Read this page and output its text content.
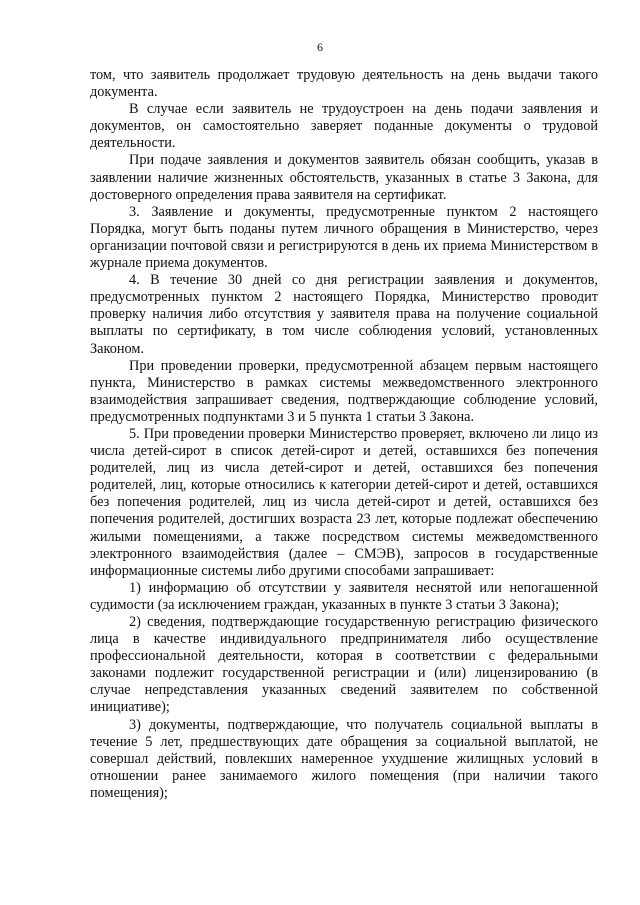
6

том, что заявитель продолжает трудовую деятельность на день выдачи такого документа.

В случае если заявитель не трудоустроен на день подачи заявления и документов, он самостоятельно заверяет поданные документы о трудовой деятельности.

При подаче заявления и документов заявитель обязан сообщить, указав в заявлении наличие жизненных обстоятельств, указанных в статье 3 Закона, для достоверного определения права заявителя на сертификат.

3. Заявление и документы, предусмотренные пунктом 2 настоящего Порядка, могут быть поданы путем личного обращения в Министерство, через организации почтовой связи и регистрируются в день их приема Министерством в журнале приема документов.

4. В течение 30 дней со дня регистрации заявления и документов, предусмотренных пунктом 2 настоящего Порядка, Министерство проводит проверку наличия либо отсутствия у заявителя права на получение социальной выплаты по сертификату, в том числе соблюдения условий, установленных Законом.

При проведении проверки, предусмотренной абзацем первым настоящего пункта, Министерство в рамках системы межведомственного электронного взаимодействия запрашивает сведения, подтверждающие соблюдение условий, предусмотренных подпунктами 3 и 5 пункта 1 статьи 3 Закона.

5. При проведении проверки Министерство проверяет, включено ли лицо из числа детей-сирот в список детей-сирот и детей, оставшихся без попечения родителей, лиц из числа детей-сирот и детей, оставшихся без попечения родителей, лиц, которые относились к категории детей-сирот и детей, оставшихся без попечения родителей, лиц из числа детей-сирот и детей, оставшихся без попечения родителей, достигших возраста 23 лет, которые подлежат обеспечению жилыми помещениями, а также посредством системы межведомственного электронного взаимодействия (далее – СМЭВ), запросов в государственные информационные системы либо другими способами запрашивает:

1) информацию об отсутствии у заявителя неснятой или непогашенной судимости (за исключением граждан, указанных в пункте 3 статьи 3 Закона);

2) сведения, подтверждающие государственную регистрацию физического лица в качестве индивидуального предпринимателя либо осуществление профессиональной деятельности, которая в соответствии с федеральными законами подлежит государственной регистрации и (или) лицензированию (в случае непредставления указанных сведений заявителем по собственной инициативе);

3) документы, подтверждающие, что получатель социальной выплаты в течение 5 лет, предшествующих дате обращения за социальной выплатой, не совершал действий, повлекших намеренное ухудшение жилищных условий в отношении ранее занимаемого жилого помещения (при наличии такого помещения);
